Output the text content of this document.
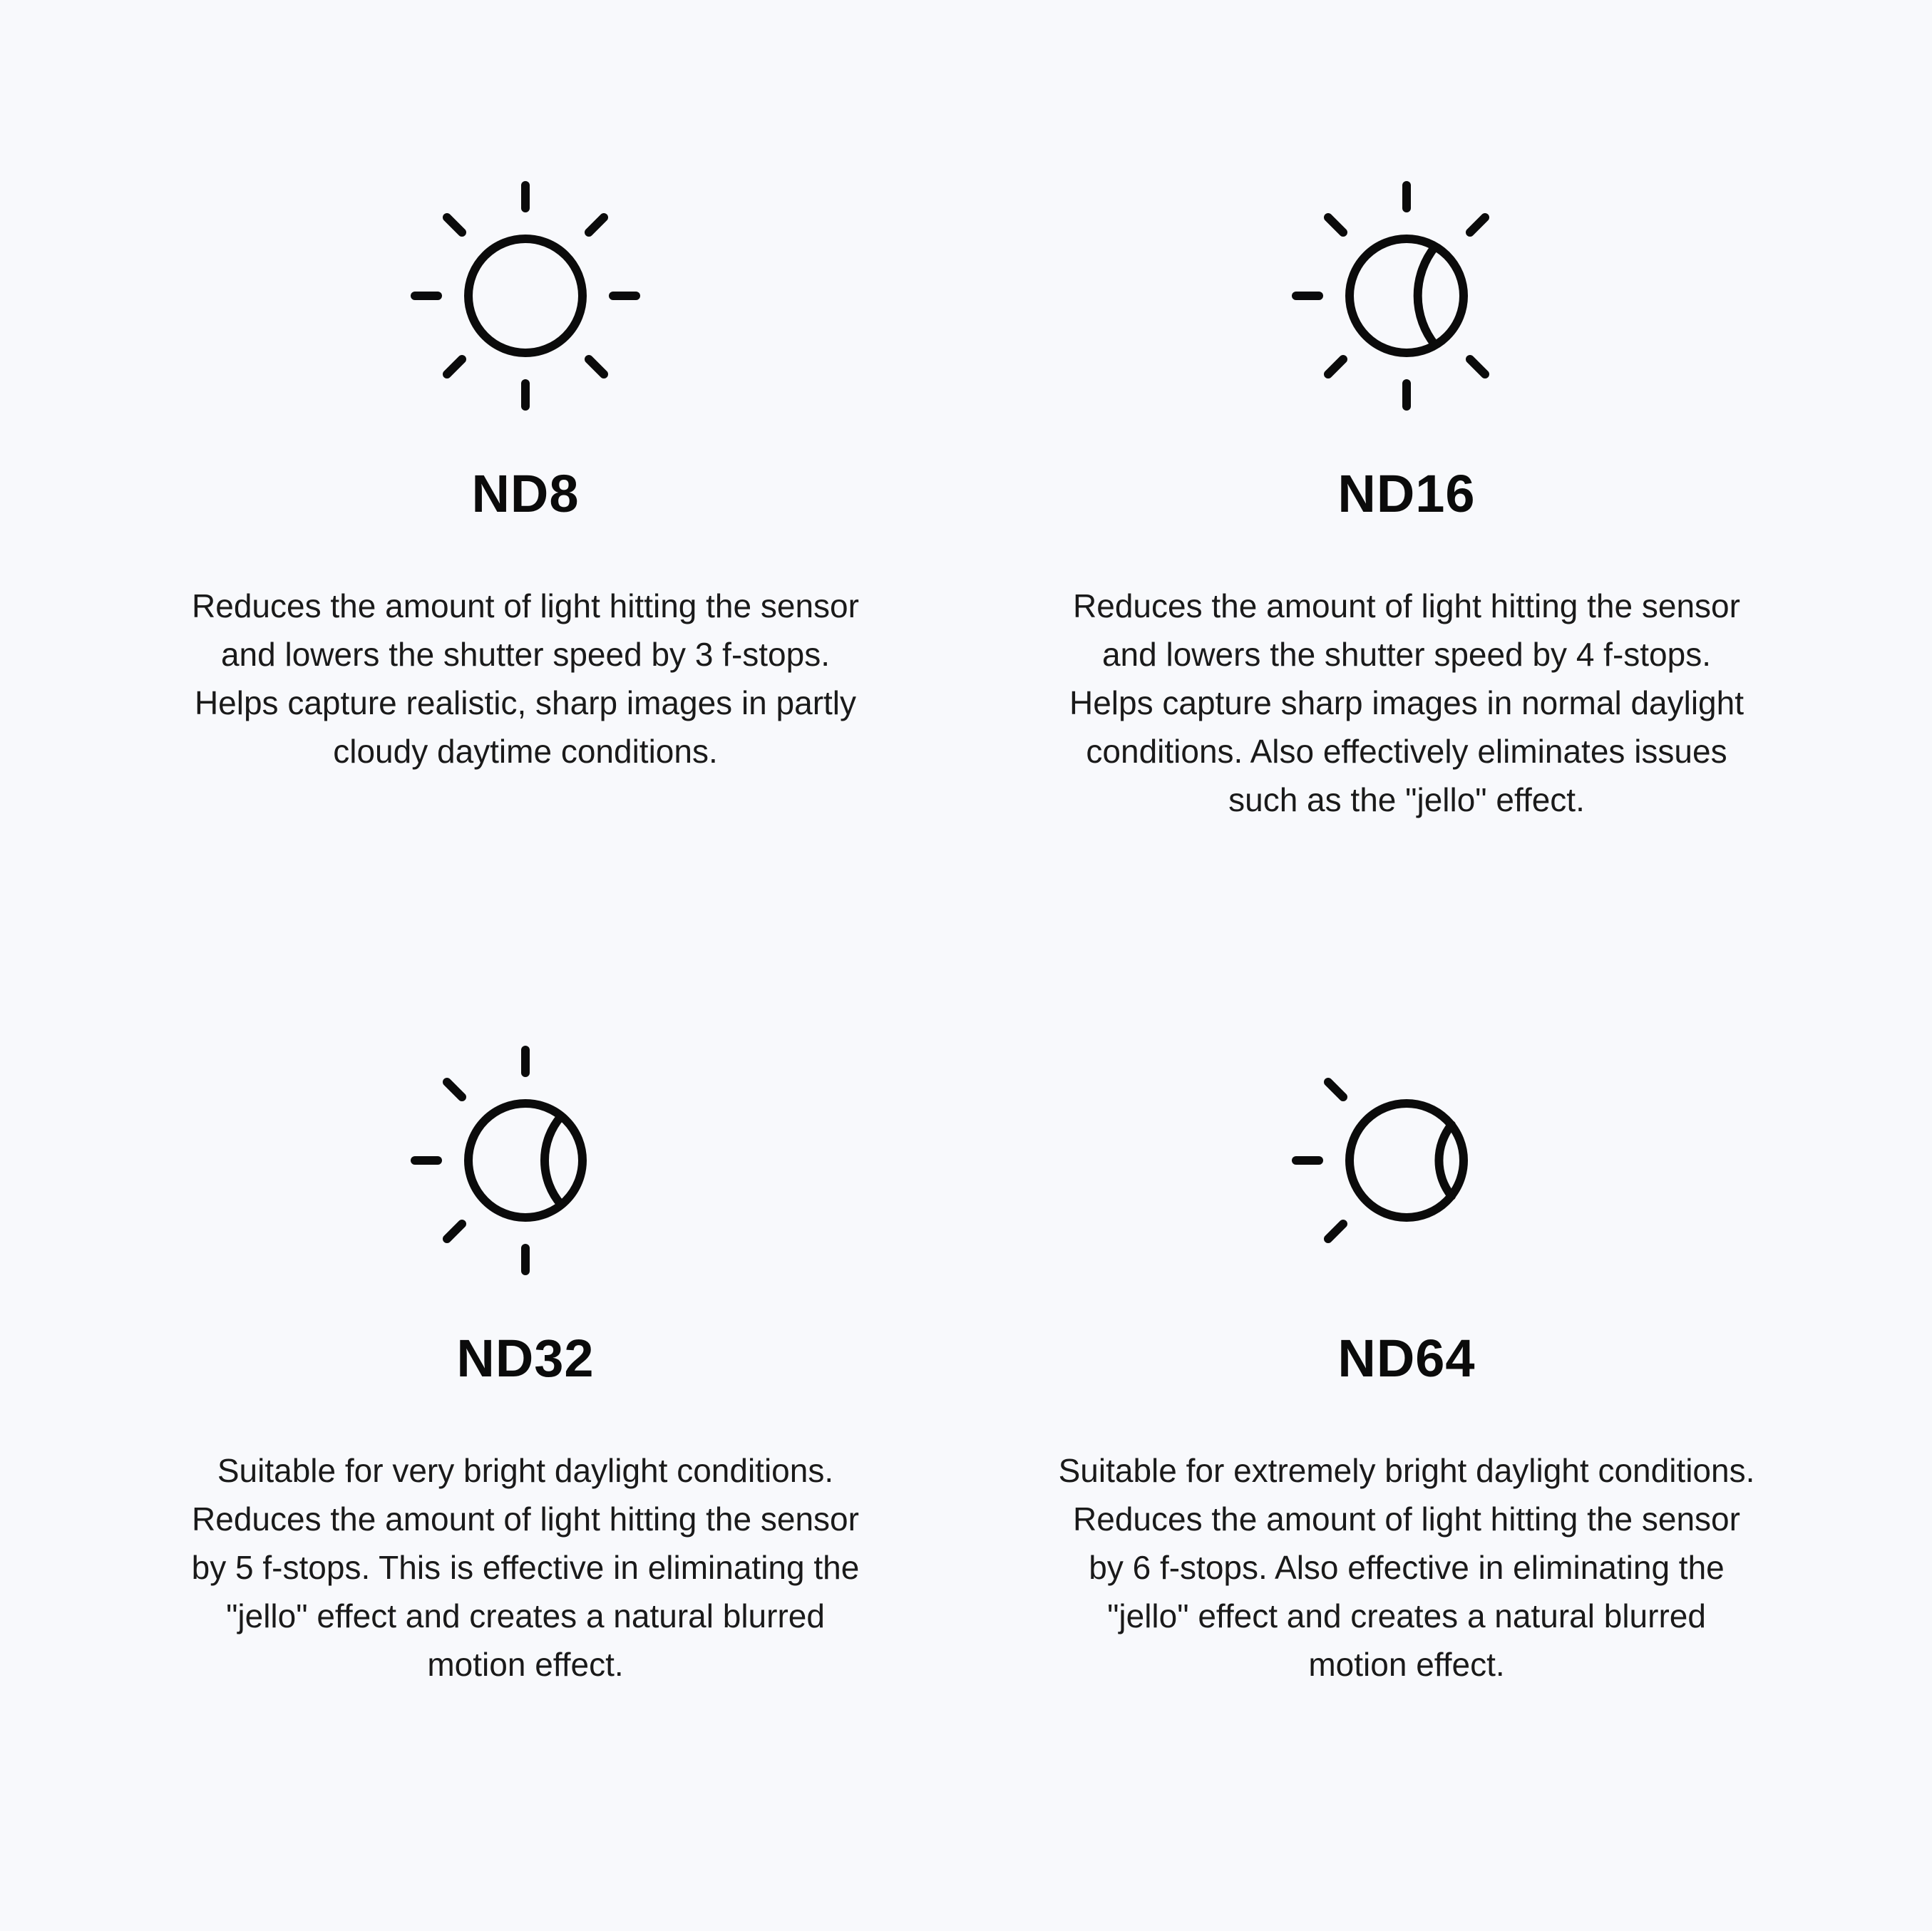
ND8
Reduces the amount of light hitting the sensor and lowers the shutter speed by 3 f-stops. Helps capture realistic, sharp images in partly cloudy daytime conditions.
ND16
Reduces the amount of light hitting the sensor and lowers the shutter speed by 4 f-stops. Helps capture sharp images in normal daylight conditions. Also effectively eliminates issues such as the "jello" effect.
ND32
Suitable for very bright daylight conditions. Reduces the amount of light hitting the sensor by 5 f-stops. This is effective in eliminating the "jello" effect and creates a natural blurred motion effect.
ND64
Suitable for extremely bright daylight conditions. Reduces the amount of light hitting the sensor by 6 f-stops. Also effective in eliminating the "jello" effect and creates a natural blurred motion effect.
